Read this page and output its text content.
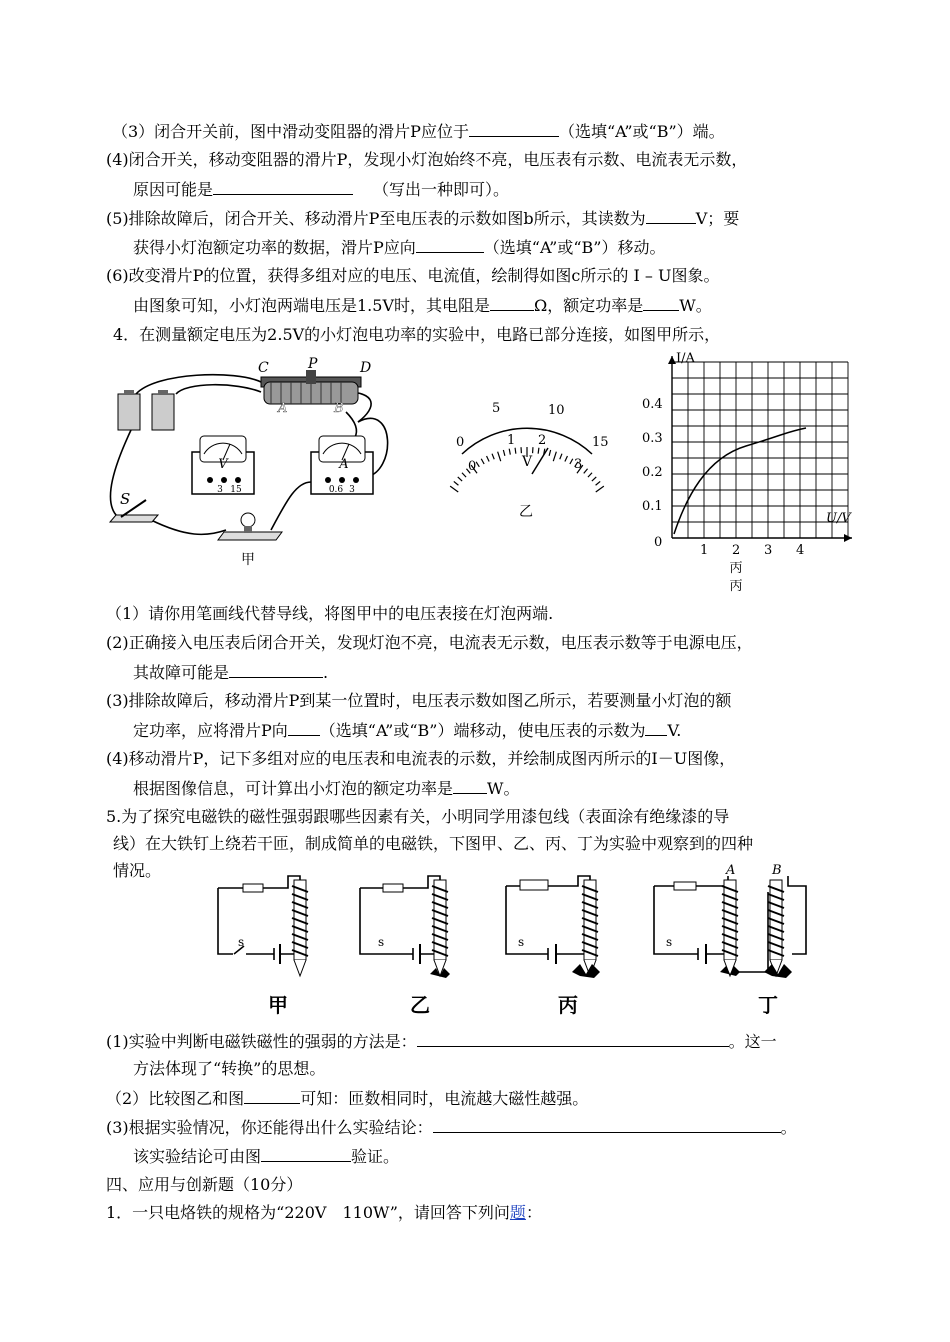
（3）闭合开关前，图中滑动变阻器的滑片P应位于	（选填“A”或“B”）端。
(4)闭合开关，移动变阻器的滑片P，发现小灯泡始终不亮，电压表有示数、电流表无示数，
原因可能是	（写出一种即可）。
(5)排除故障后，闭合开关、移动滑片P至电压表的示数如图b所示，其读数为	V；要
获得小灯泡额定功率的数据，滑片P应向	（选填“A”或“B”）移动。
(6)改变滑片P的位置，获得多组对应的电压、电流值，绘制得如图c所示的 I – U图象。
由图象可知，小灯泡两端电压是1.5V时，其电阻是	Ω，额定功率是 W。
4．在测量额定电压为2.5V的小灯泡电功率的实验中，电路已部分连接，如图甲所示，
C	P	D
A	B
V
3 15
A
0.6 3
S
甲
0
5	10
15
0
1 2
3
V
乙
I/A
U/V
0
0.1
0.2
0.3
0.4
1 2 3 4
丙
丙
（1）请你用笔画线代替导线，将图甲中的电压表接在灯泡两端.
(2)正确接入电压表后闭合开关，发现灯泡不亮，电流表无示数，电压表示数等于电源电压，
其故障可能是	.
(3)排除故障后，移动滑片P到某一位置时，电压表示数如图乙所示，若要测量小灯泡的额
定功率，应将滑片P向 （选填“A”或“B”）端移动，使电压表的示数为 V.
(4)移动滑片P，记下多组对应的电压表和电流表的示数，并绘制成图丙所示的I－U图像，
根据图像信息，可计算出小灯泡的额定功率是 W。
5.为了探究电磁铁的磁性强弱跟哪些因素有关，小明同学用漆包线（表面涂有绝缘漆的导
线）在大铁钉上绕若干匝，制成简单的电磁铁，下图甲、乙、丙、丁为实验中观察到的四种
情况。
s	s	s	s
A	B
甲	乙	丙	丁
(1)实验中判断电磁铁磁性的强弱的方法是：	。这一
方法体现了“转换”的思想。
（2）比较图乙和图	可知：匝数相同时，电流越大磁性越强。
(3)根据实验情况，你还能得出什么实验结论：	。
该实验结论可由图	验证。
四、应用与创新题（10分）
1．一只电烙铁的规格为“220V　110W”，请回答下列问题：
